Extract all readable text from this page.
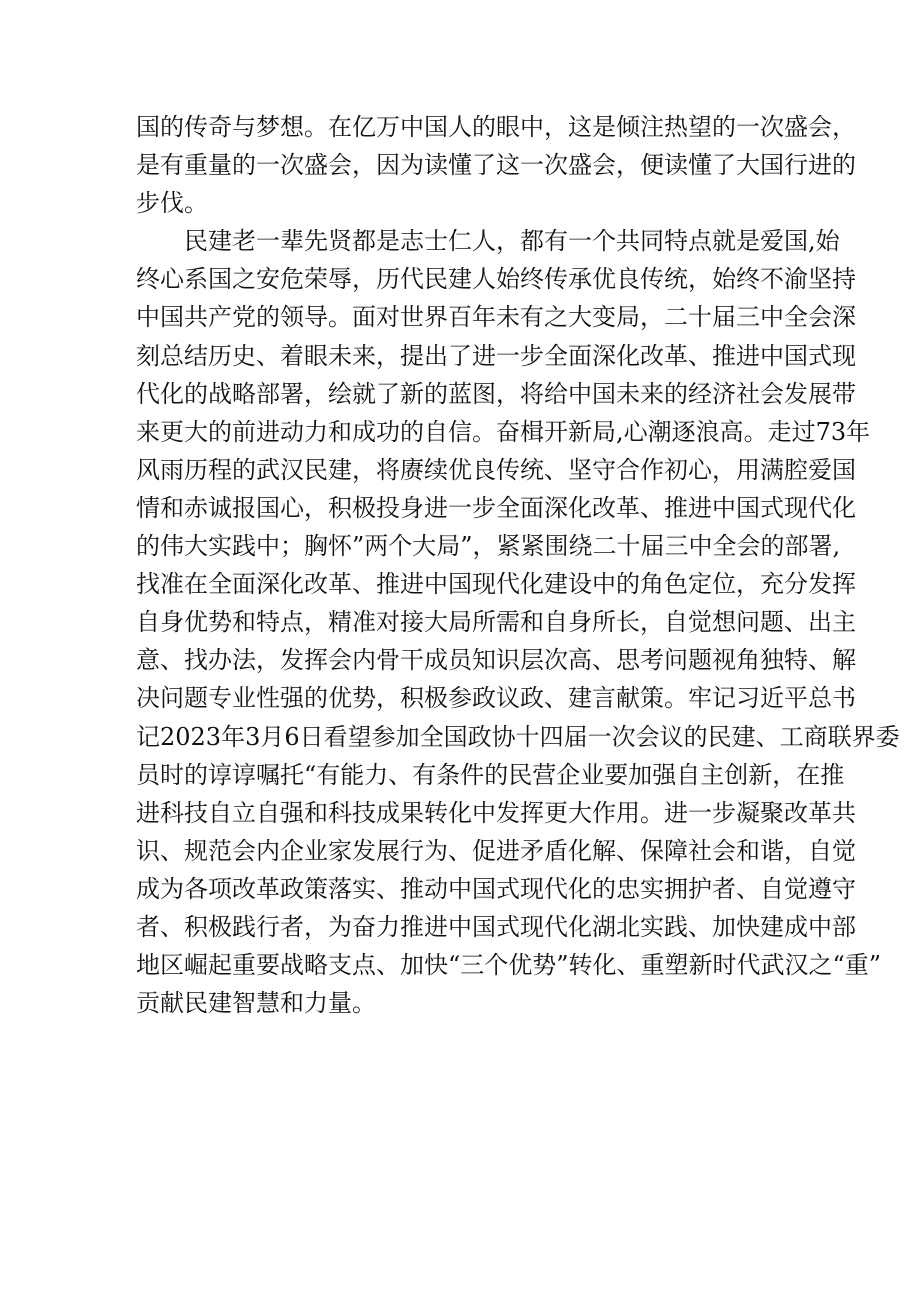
国的传奇与梦想。在亿万中国人的眼中，这是倾注热望的一次盛会，
是有重量的一次盛会，因为读懂了这一次盛会，便读懂了大国行进的
步伐。
民建老一辈先贤都是志士仁人，都有一个共同特点就是爱国,始
终心系国之安危荣辱，历代民建人始终传承优良传统，始终不渝坚持
中国共产党的领导。面对世界百年未有之大变局，二十届三中全会深
刻总结历史、着眼未来，提出了进一步全面深化改革、推进中国式现
代化的战略部署，绘就了新的蓝图，将给中国未来的经济社会发展带
来更大的前进动力和成功的自信。奋楫开新局,心潮逐浪高。走过73年
风雨历程的武汉民建，将赓续优良传统、坚守合作初心，用满腔爱国
情和赤诚报国心，积极投身进一步全面深化改革、推进中国式现代化
的伟大实践中；胸怀”两个大局”，紧紧围绕二十届三中全会的部署,
找准在全面深化改革、推进中国现代化建设中的角色定位，充分发挥
自身优势和特点，精准对接大局所需和自身所长，自觉想问题、出主
意、找办法，发挥会内骨干成员知识层次高、思考问题视角独特、解
决问题专业性强的优势，积极参政议政、建言献策。牢记习近平总书
记2023年3月6日看望参加全国政协十四届一次会议的民建、工商联界委
员时的谆谆嘱托“有能力、有条件的民营企业要加强自主创新，在推
进科技自立自强和科技成果转化中发挥更大作用。进一步凝聚改革共
识、规范会内企业家发展行为、促进矛盾化解、保障社会和谐，自觉
成为各项改革政策落实、推动中国式现代化的忠实拥护者、自觉遵守
者、积极践行者，为奋力推进中国式现代化湖北实践、加快建成中部
地区崛起重要战略支点、加快“三个优势”转化、重塑新时代武汉之“重”
贡献民建智慧和力量。
